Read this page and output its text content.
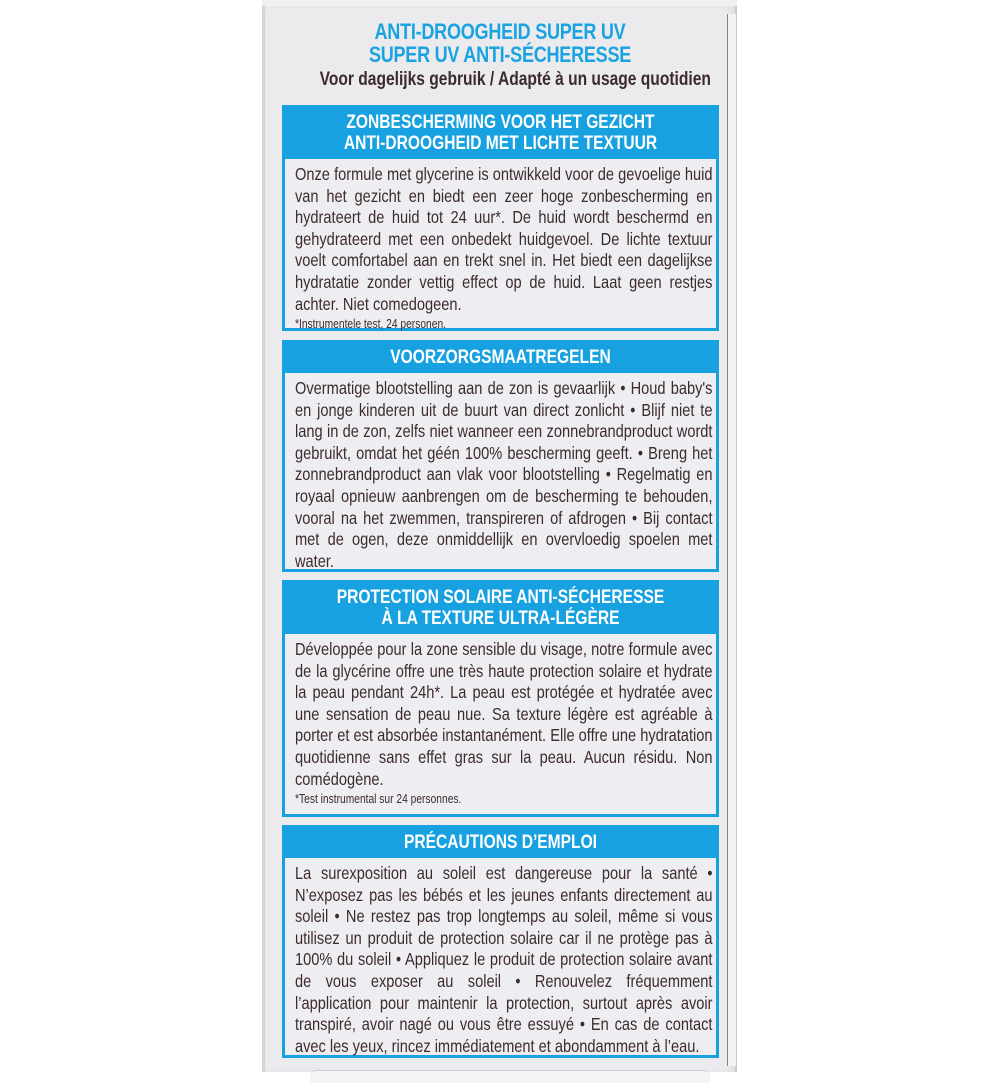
ANTI-DROOGHEID SUPER UV
SUPER UV ANTI-SÉCHERESSE
Voor dagelijks gebruik / Adapté à un usage quotidien
ZONBESCHERMING VOOR HET GEZICHT
ANTI-DROOGHEID MET LICHTE TEXTUUR
Onze formule met glycerine is ontwikkeld voor de gevoelige huid van het gezicht en biedt een zeer hoge zonbescherming en hydrateert de huid tot 24 uur*. De huid wordt beschermd en gehydrateerd met een onbedekt huidgevoel. De lichte textuur voelt comfortabel aan en trekt snel in. Het biedt een dagelijkse hydratatie zonder vettig effect op de huid. Laat geen restjes achter. Niet comedogeen.
*Instrumentele test, 24 personen.
VOORZORGSMAATREGELEN
Overmatige blootstelling aan de zon is gevaarlijk • Houd baby's en jonge kinderen uit de buurt van direct zonlicht • Blijf niet te lang in de zon, zelfs niet wanneer een zonnebrandproduct wordt gebruikt, omdat het géén 100% bescherming geeft. • Breng het zonnebrandproduct aan vlak voor blootstelling • Regelmatig en royaal opnieuw aanbrengen om de bescherming te behouden, vooral na het zwemmen, transpireren of afdrogen • Bij contact met de ogen, deze onmiddellijk en overvloedig spoelen met water.
PROTECTION SOLAIRE ANTI-SÉCHERESSE
À LA TEXTURE ULTRA-LÉGÈRE
Développée pour la zone sensible du visage, notre formule avec de la glycérine offre une très haute protection solaire et hydrate la peau pendant 24h*. La peau est protégée et hydratée avec une sensation de peau nue. Sa texture légère est agréable à porter et est absorbée instantanément. Elle offre une hydratation quotidienne sans effet gras sur la peau. Aucun résidu. Non comédogène.
*Test instrumental sur 24 personnes.
PRÉCAUTIONS D’EMPLOI
La surexposition au soleil est dangereuse pour la santé • N’exposez pas les bébés et les jeunes enfants directement au soleil • Ne restez pas trop longtemps au soleil, même si vous utilisez un produit de protection solaire car il ne protège pas à 100% du soleil • Appliquez le produit de protection solaire avant de vous exposer au soleil • Renouvelez fréquemment l’application pour maintenir la protection, surtout après avoir transpiré, avoir nagé ou vous être essuyé • En cas de contact avec les yeux, rincez immédiatement et abondamment à l’eau.
